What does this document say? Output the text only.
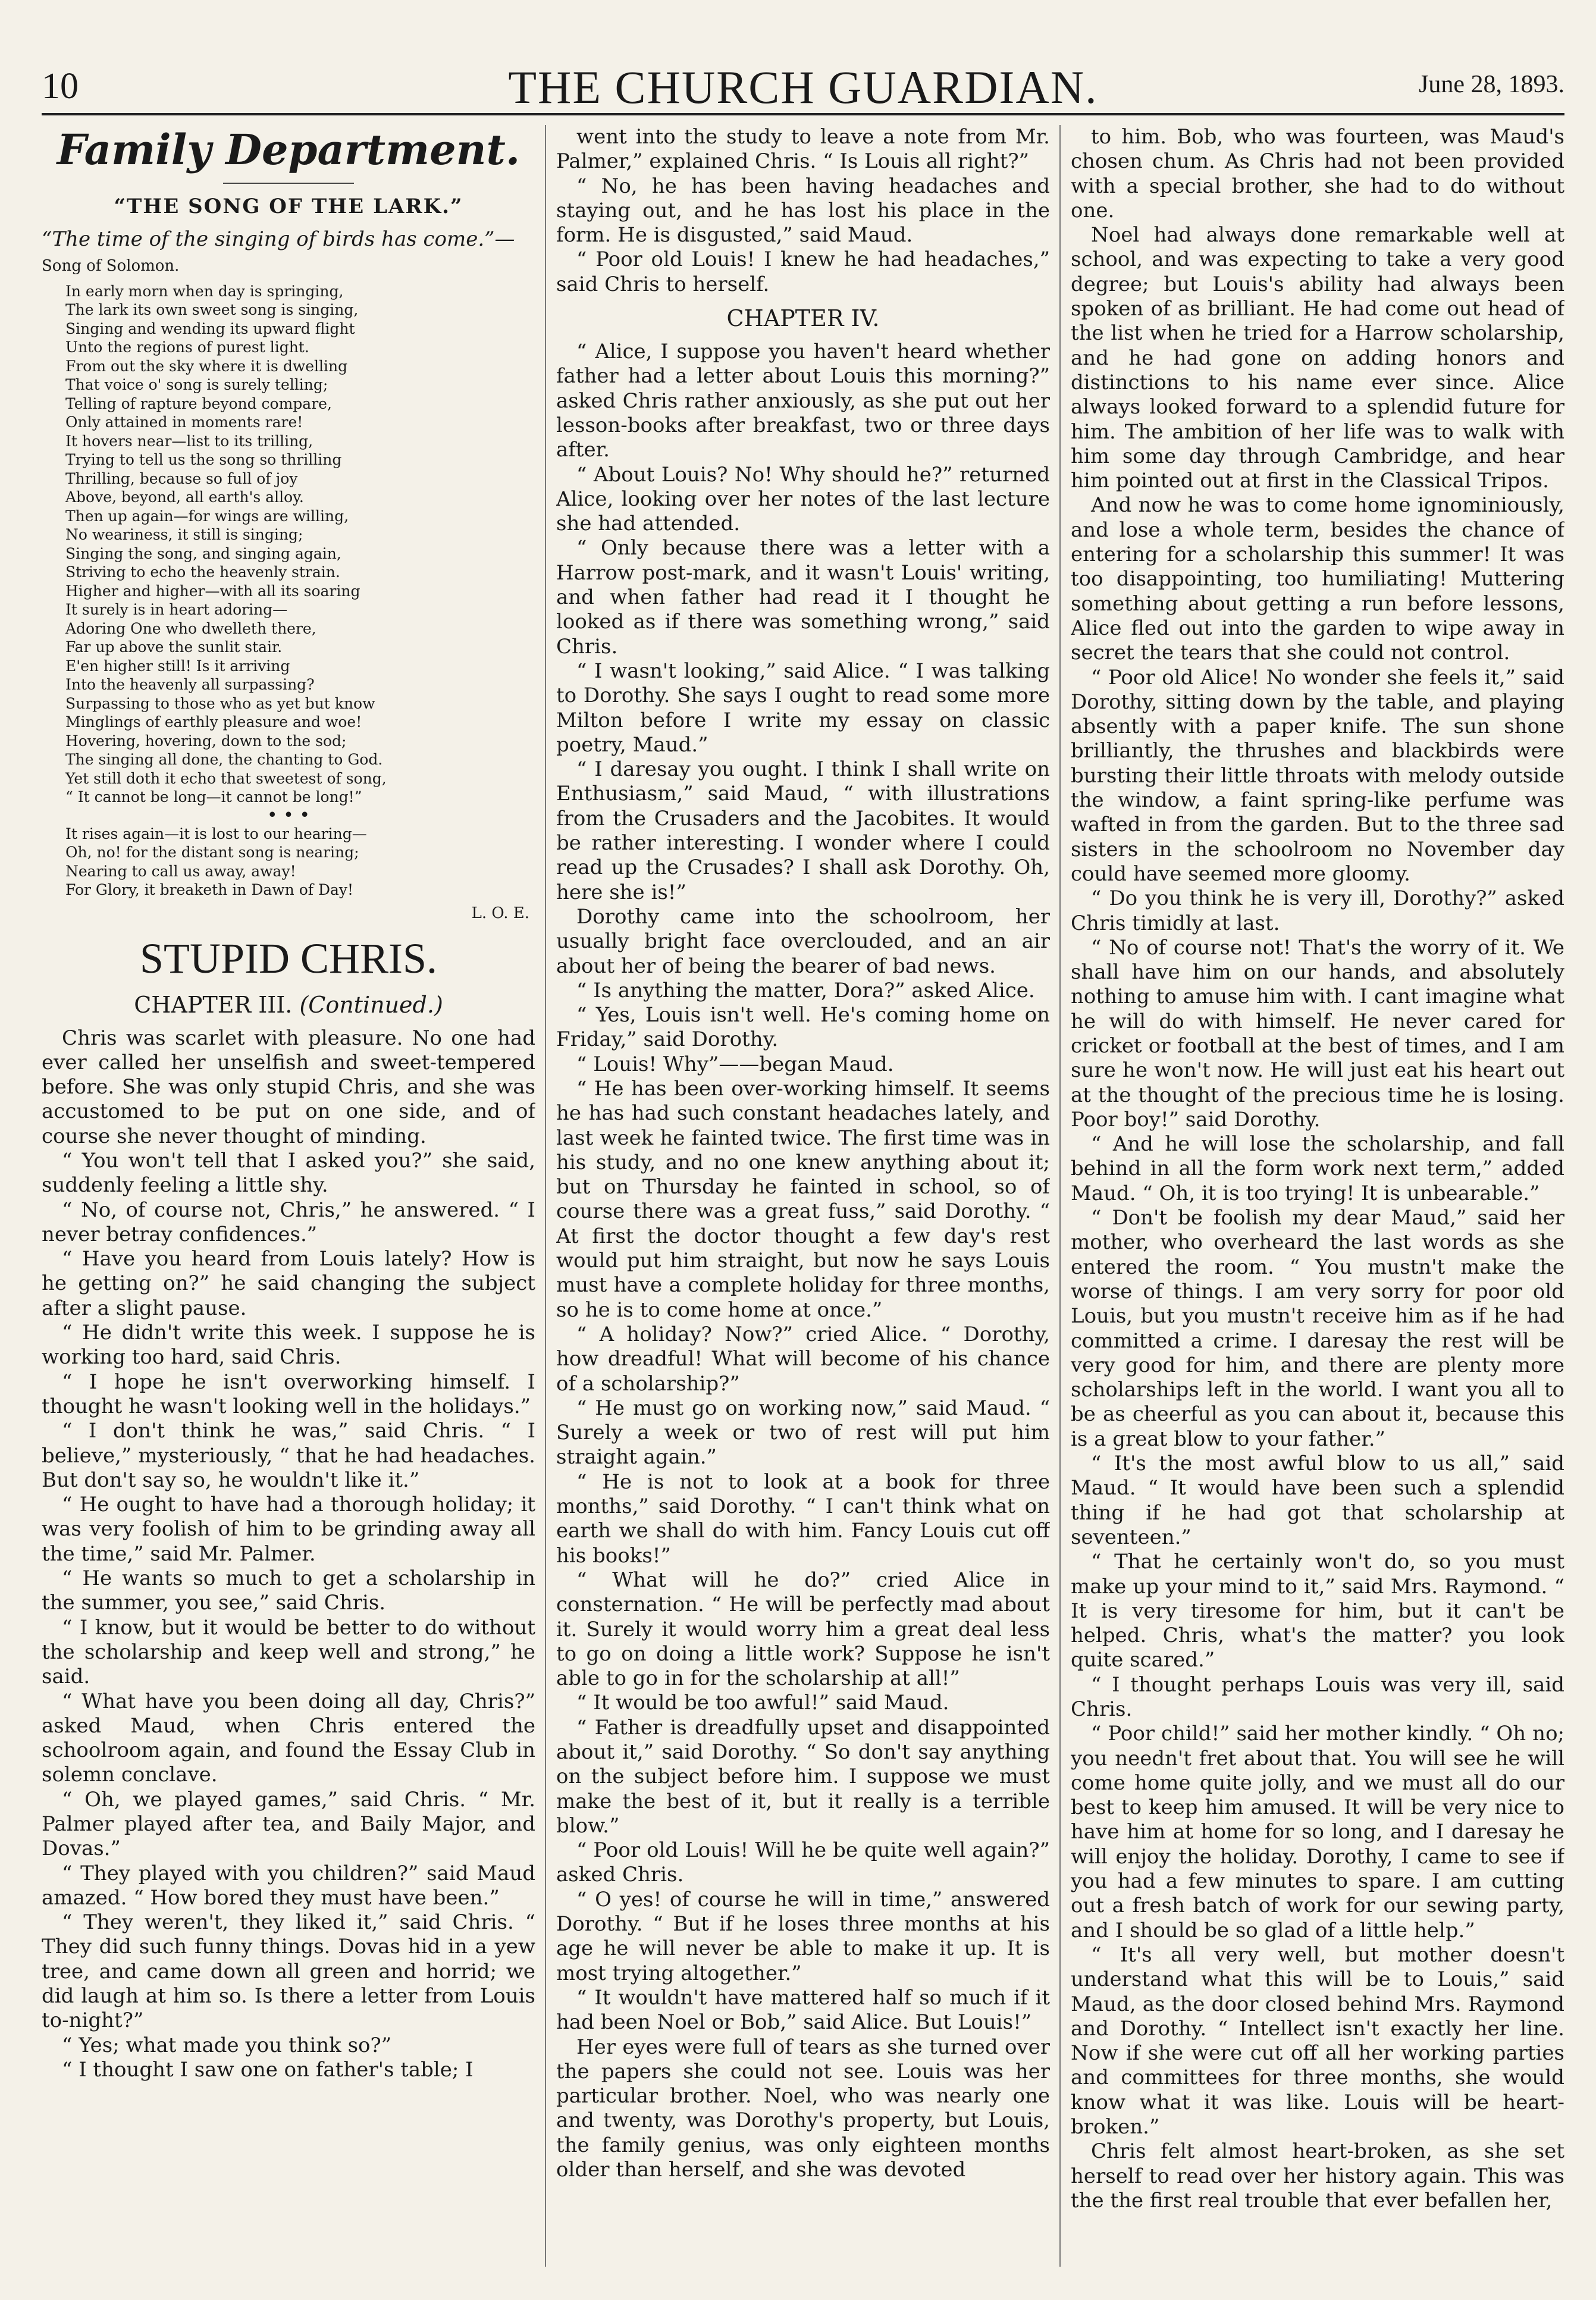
10	THE CHURCH GUARDIAN.	June 28, 1893.
Family Department.
“THE SONG OF THE LARK.”
“The time of the singing of birds has come.”—
Song of Solomon.

In early morn when day is springing,

The lark its own sweet song is singing,

Singing and wending its upward flight

Unto the regions of purest light.

From out the sky where it is dwelling

That voice o' song is surely telling;

Telling of rapture beyond compare,

Only attained in moments rare!

It hovers near—list to its trilling,

Trying to tell us the song so thrilling

Thrilling, because so full of joy

Above, beyond, all earth's alloy.

Then up again—for wings are willing,

No weariness, it still is singing;

Singing the song, and singing again,

Striving to echo the heavenly strain.

Higher and higher—with all its soaring

It surely is in heart adoring—

Adoring One who dwelleth there,

Far up above the sunlit stair.

E'en higher still! Is it arriving

Into the heavenly all surpassing?

Surpassing to those who as yet but know

Minglings of earthly pleasure and woe!

Hovering, hovering, down to the sod;

The singing all done, the chanting to God.

Yet still doth it echo that sweetest of song,

“ It cannot be long—it cannot be long!”

• • •

It rises again—it is lost to our hearing—

Oh, no! for the distant song is nearing;

Nearing to call us away, away!

For Glory, it breaketh in Dawn of Day!

L. O. E.
STUPID CHRIS.
CHAPTER III. (Continued.)

Chris was scarlet with pleasure. No one had ever called her unselfish and sweet-tempered before. She was only stupid Chris, and she was accustomed to be put on one side, and of course she never thought of minding.

“ You won't tell that I asked you?” she said, suddenly feeling a little shy.

“ No, of course not, Chris,” he answered. “ I never betray confidences.”

“ Have you heard from Louis lately? How is he getting on?” he said changing the subject after a slight pause.

“ He didn't write this week. I suppose he is working too hard, said Chris.

“ I hope he isn't overworking himself. I thought he wasn't looking well in the holidays.”

“ I don't think he was,” said Chris. “ I believe,” mysteriously, “ that he had headaches. But don't say so, he wouldn't like it.”

“ He ought to have had a thorough holiday; it was very foolish of him to be grinding away all the time,” said Mr. Palmer.

“ He wants so much to get a scholarship in the summer, you see,” said Chris.

“ I know, but it would be better to do without the scholarship and keep well and strong,” he said.

“ What have you been doing all day, Chris?” asked Maud, when Chris entered the schoolroom again, and found the Essay Club in solemn conclave.

“ Oh, we played games,” said Chris. “ Mr. Palmer played after tea, and Baily Major, and Dovas.”

“ They played with you children?” said Maud amazed. “ How bored they must have been.”

“ They weren't, they liked it,” said Chris. “ They did such funny things. Dovas hid in a yew tree, and came down all green and horrid; we did laugh at him so. Is there a letter from Louis to-night?”

“ Yes; what made you think so?”

“ I thought I saw one on father's table; I

went into the study to leave a note from Mr. Palmer,” explained Chris. “ Is Louis all right?”

“ No, he has been having headaches and staying out, and he has lost his place in the form. He is disgusted,” said Maud.

“ Poor old Louis! I knew he had headaches,” said Chris to herself.

CHAPTER IV.

“ Alice, I suppose you haven't heard whether father had a letter about Louis this morning?” asked Chris rather anxiously, as she put out her lesson-books after breakfast, two or three days after.

“ About Louis? No! Why should he?” returned Alice, looking over her notes of the last lecture she had attended.

“ Only because there was a letter with a Harrow post-mark, and it wasn't Louis' writing, and when father had read it I thought he looked as if there was something wrong,” said Chris.

“ I wasn't looking,” said Alice. “ I was talking to Dorothy. She says I ought to read some more Milton before I write my essay on classic poetry, Maud.”

“ I daresay you ought. I think I shall write on Enthusiasm,” said Maud, “ with illustrations from the Crusaders and the Jacobites. It would be rather interesting. I wonder where I could read up the Crusades? I shall ask Dorothy. Oh, here she is!”

Dorothy came into the schoolroom, her usually bright face overclouded, and an air about her of being the bearer of bad news.

“ Is anything the matter, Dora?” asked Alice.

“ Yes, Louis isn't well. He's coming home on Friday,” said Dorothy.

“ Louis! Why”——began Maud.

“ He has been over-working himself. It seems he has had such constant headaches lately, and last week he fainted twice. The first time was in his study, and no one knew anything about it; but on Thursday he fainted in school, so of course there was a great fuss,” said Dorothy. “ At first the doctor thought a few day's rest would put him straight, but now he says Louis must have a complete holiday for three months, so he is to come home at once.”

“ A holiday? Now?” cried Alice. “ Dorothy, how dreadful! What will become of his chance of a scholarship?”

“ He must go on working now,” said Maud. “ Surely a week or two of rest will put him straight again.”

“ He is not to look at a book for three months,” said Dorothy. “ I can't think what on earth we shall do with him. Fancy Louis cut off his books!”

“ What will he do?” cried Alice in consternation. “ He will be perfectly mad about it. Surely it would worry him a great deal less to go on doing a little work? Suppose he isn't able to go in for the scholarship at all!”

“ It would be too awful!” said Maud.

“ Father is dreadfully upset and disappointed about it,” said Dorothy. “ So don't say anything on the subject before him. I suppose we must make the best of it, but it really is a terrible blow.”

“ Poor old Louis! Will he be quite well again?” asked Chris.

“ O yes! of course he will in time,” answered Dorothy. “ But if he loses three months at his age he will never be able to make it up. It is most trying altogether.”

“ It wouldn't have mattered half so much if it had been Noel or Bob,” said Alice. But Louis!”

Her eyes were full of tears as she turned over the papers she could not see. Louis was her particular brother. Noel, who was nearly one and twenty, was Dorothy's property, but Louis, the family genius, was only eighteen months older than herself, and she was devoted

to him. Bob, who was fourteen, was Maud's chosen chum. As Chris had not been provided with a special brother, she had to do without one.

Noel had always done remarkable well at school, and was expecting to take a very good degree; but Louis's ability had always been spoken of as brilliant. He had come out head of the list when he tried for a Harrow scholarship, and he had gone on adding honors and distinctions to his name ever since. Alice always looked forward to a splendid future for him. The ambition of her life was to walk with him some day through Cambridge, and hear him pointed out at first in the Classical Tripos.

And now he was to come home ignominiously, and lose a whole term, besides the chance of entering for a scholarship this summer! It was too disappointing, too humiliating! Muttering something about getting a run before lessons, Alice fled out into the garden to wipe away in secret the tears that she could not control.

“ Poor old Alice! No wonder she feels it,” said Dorothy, sitting down by the table, and playing absently with a paper knife. The sun shone brilliantly, the thrushes and blackbirds were bursting their little throats with melody outside the window, a faint spring-like perfume was wafted in from the garden. But to the three sad sisters in the schoolroom no November day could have seemed more gloomy.

“ Do you think he is very ill, Dorothy?” asked Chris timidly at last.

“ No of course not! That's the worry of it. We shall have him on our hands, and absolutely nothing to amuse him with. I cant imagine what he will do with himself. He never cared for cricket or football at the best of times, and I am sure he won't now. He will just eat his heart out at the thought of the precious time he is losing. Poor boy!” said Dorothy.

“ And he will lose the scholarship, and fall behind in all the form work next term,” added Maud. “ Oh, it is too trying! It is unbearable.”

“ Don't be foolish my dear Maud,” said her mother, who overheard the last words as she entered the room. “ You mustn't make the worse of things. I am very sorry for poor old Louis, but you mustn't receive him as if he had committed a crime. I daresay the rest will be very good for him, and there are plenty more scholarships left in the world. I want you all to be as cheerful as you can about it, because this is a great blow to your father.”

“ It's the most awful blow to us all,” said Maud. “ It would have been such a splendid thing if he had got that scholarship at seventeen.”

“ That he certainly won't do, so you must make up your mind to it,” said Mrs. Raymond. “ It is very tiresome for him, but it can't be helped. Chris, what's the matter? you look quite scared.”

“ I thought perhaps Louis was very ill, said Chris.

“ Poor child!” said her mother kindly. “ Oh no; you needn't fret about that. You will see he will come home quite jolly, and we must all do our best to keep him amused. It will be very nice to have him at home for so long, and I daresay he will enjoy the holiday. Dorothy, I came to see if you had a few minutes to spare. I am cutting out a fresh batch of work for our sewing party, and I should be so glad of a little help.”

“ It's all very well, but mother doesn't understand what this will be to Louis,” said Maud, as the door closed behind Mrs. Raymond and Dorothy. “ Intellect isn't exactly her line. Now if she were cut off all her working parties and committees for three months, she would know what it was like. Louis will be heart-broken.”

Chris felt almost heart-broken, as she set herself to read over her history again. This was the the first real trouble that ever befallen her,
